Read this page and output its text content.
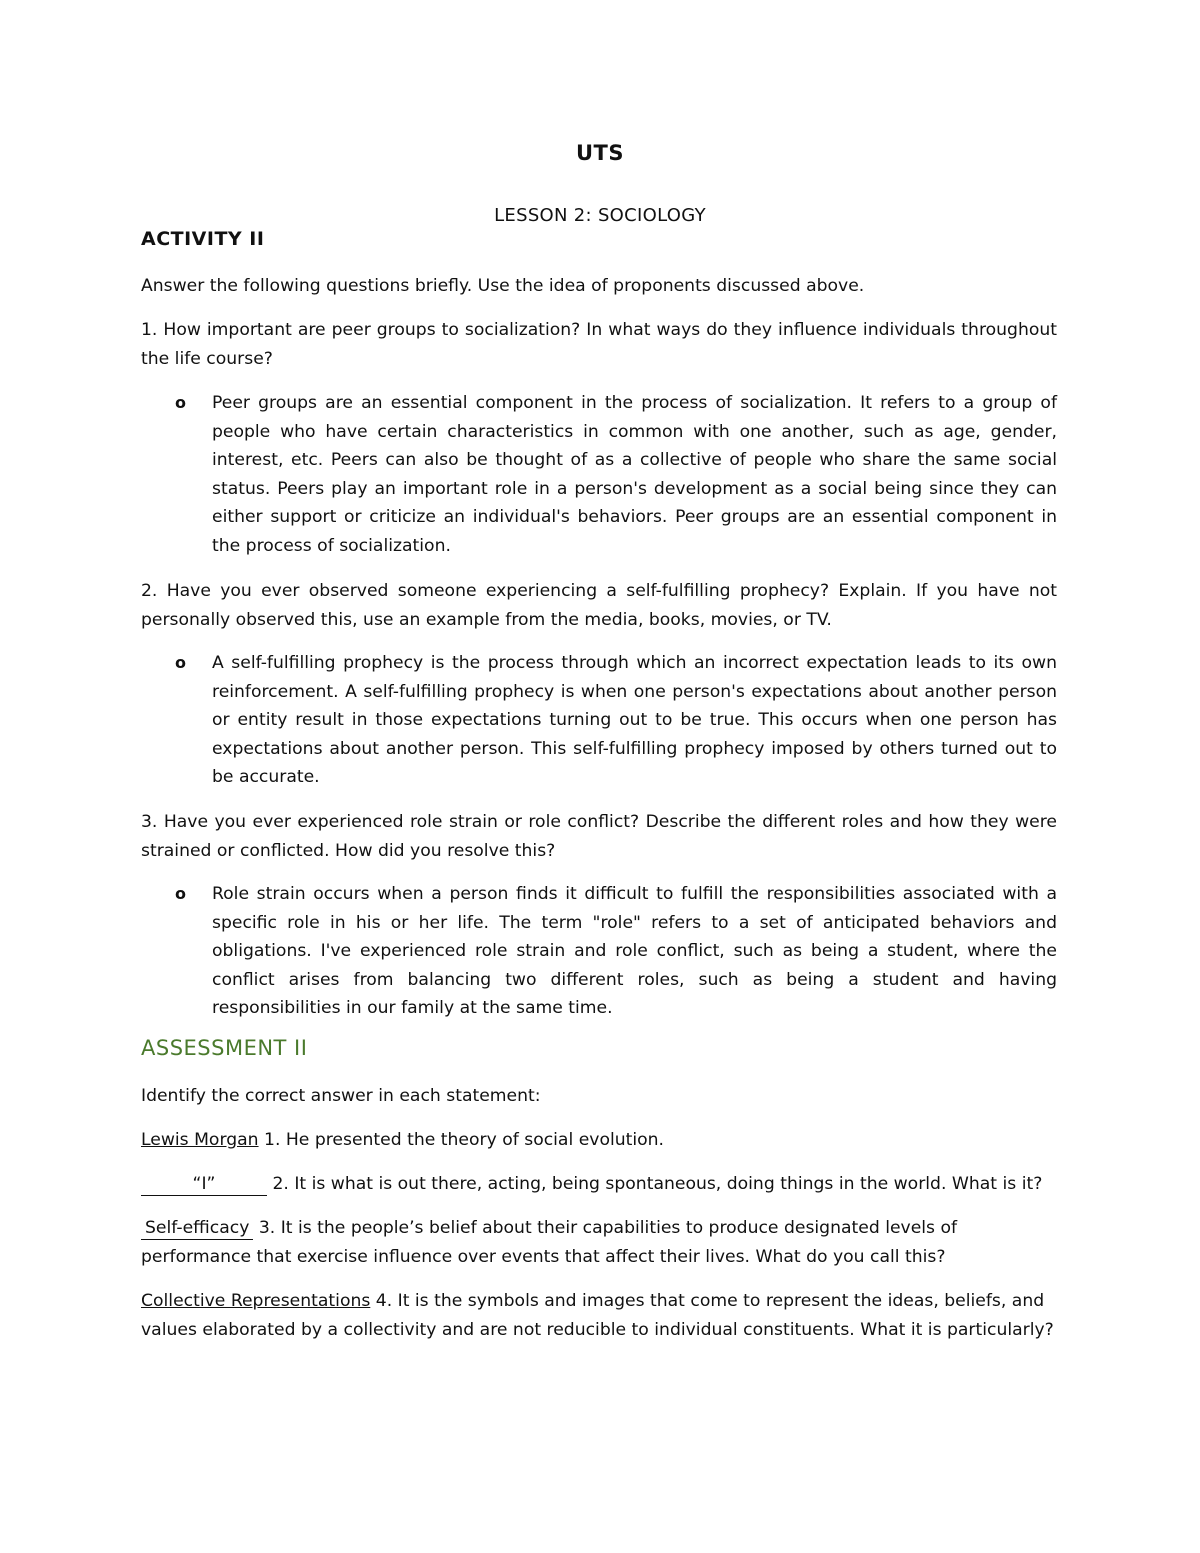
UTS
LESSON 2: SOCIOLOGY
ACTIVITY II

Answer the following questions briefly. Use the idea of proponents discussed above.

1. How important are peer groups to socialization? In what ways do they influence individuals throughout the life course?

o Peer groups are an essential component in the process of socialization. It refers to a group of people who have certain characteristics in common with one another, such as age, gender, interest, etc. Peers can also be thought of as a collective of people who share the same social status. Peers play an important role in a person's development as a social being since they can either support or criticize an individual's behaviors. Peer groups are an essential component in the process of socialization.

2. Have you ever observed someone experiencing a self-fulfilling prophecy? Explain. If you have not personally observed this, use an example from the media, books, movies, or TV.

o A self-fulfilling prophecy is the process through which an incorrect expectation leads to its own reinforcement. A self-fulfilling prophecy is when one person's expectations about another person or entity result in those expectations turning out to be true. This occurs when one person has expectations about another person. This self-fulfilling prophecy imposed by others turned out to be accurate.

3. Have you ever experienced role strain or role conflict? Describe the different roles and how they were strained or conflicted. How did you resolve this?

o Role strain occurs when a person finds it difficult to fulfill the responsibilities associated with a specific role in his or her life. The term "role" refers to a set of anticipated behaviors and obligations. I've experienced role strain and role conflict, such as being a student, where the conflict arises from balancing two different roles, such as being a student and having responsibilities in our family at the same time.

ASSESSMENT II

Identify the correct answer in each statement:

Lewis Morgan 1. He presented the theory of social evolution.

“I”	2. It is what is out there, acting, being spontaneous, doing things in the world. What is it?

Self-efficacy 3. It is the people’s belief about their capabilities to produce designated levels of performance that exercise influence over events that affect their lives. What do you call this?

Collective Representations 4. It is the symbols and images that come to represent the ideas, beliefs, and values elaborated by a collectivity and are not reducible to individual constituents. What it is particularly?
